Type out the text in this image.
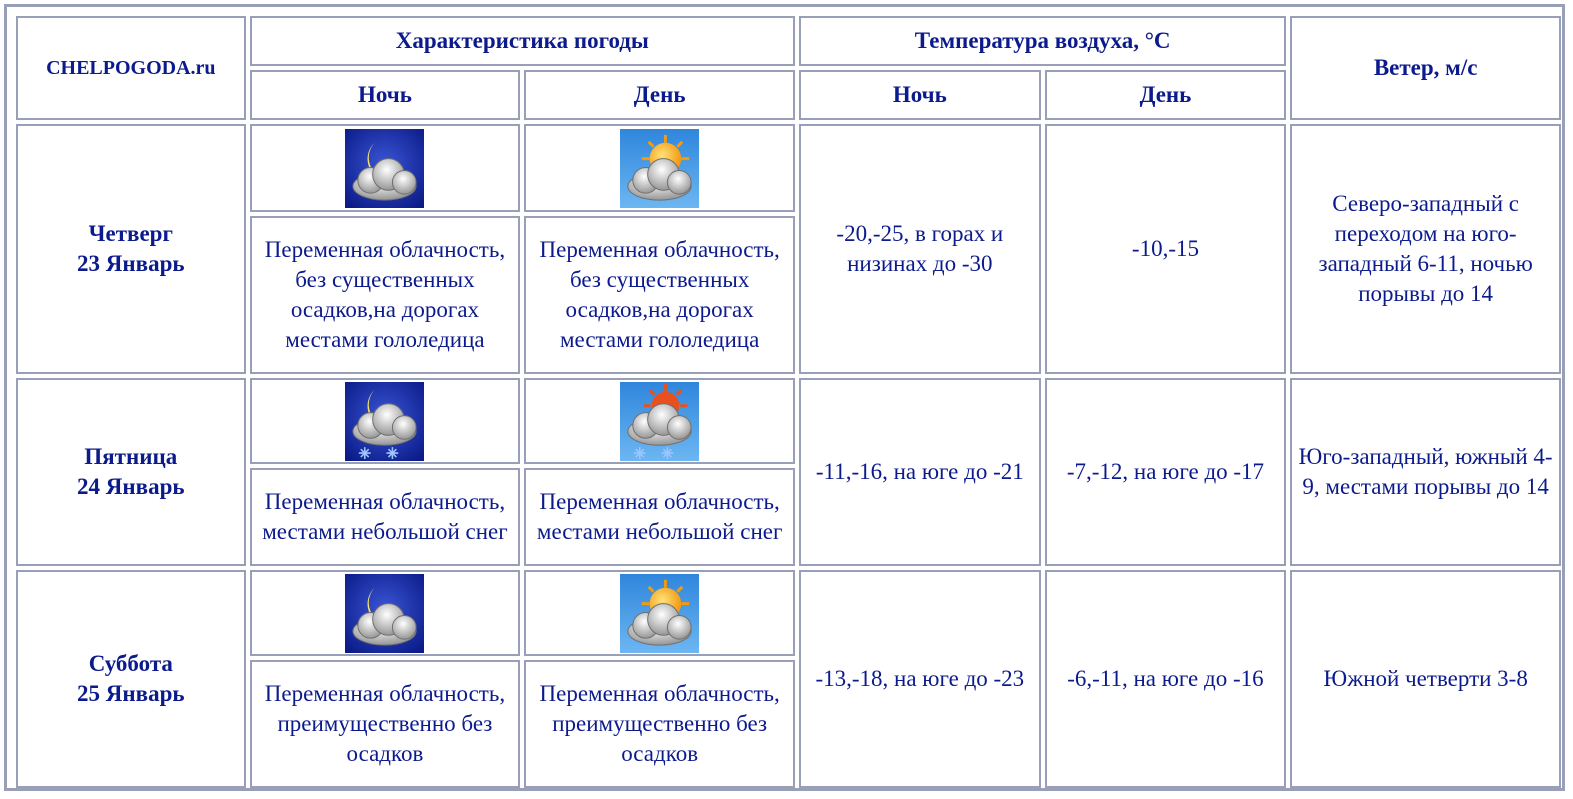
CHELPOGODA.ru	Характеристика погоды		Температура воздуха, °C		Ветер, м/с
	Ночь	День	Ночь	День	
Четверг
23 Январь			-20,-25, в горах и низинах до -30	-10,-15	Северо-западный с переходом на юго-западный 6-11, ночью порывы до 14
	Переменная облачность, без существенных осадков,на дорогах местами гололедица	Переменная облачность, без существенных осадков,на дорогах местами гололедица			
Пятница
24 Январь			-11,-16, на юге до -21	-7,-12, на юге до -17	Юго-западный, южный 4-9, местами порывы до 14
	Переменная облачность, местами небольшой снег	Переменная облачность, местами небольшой снег			
Суббота
25 Январь			-13,-18, на юге до -23	-6,-11, на юге до -16	Южной четверти 3-8
	Переменная облачность, преимущественно без осадков	Переменная облачность, преимущественно без осадков			
